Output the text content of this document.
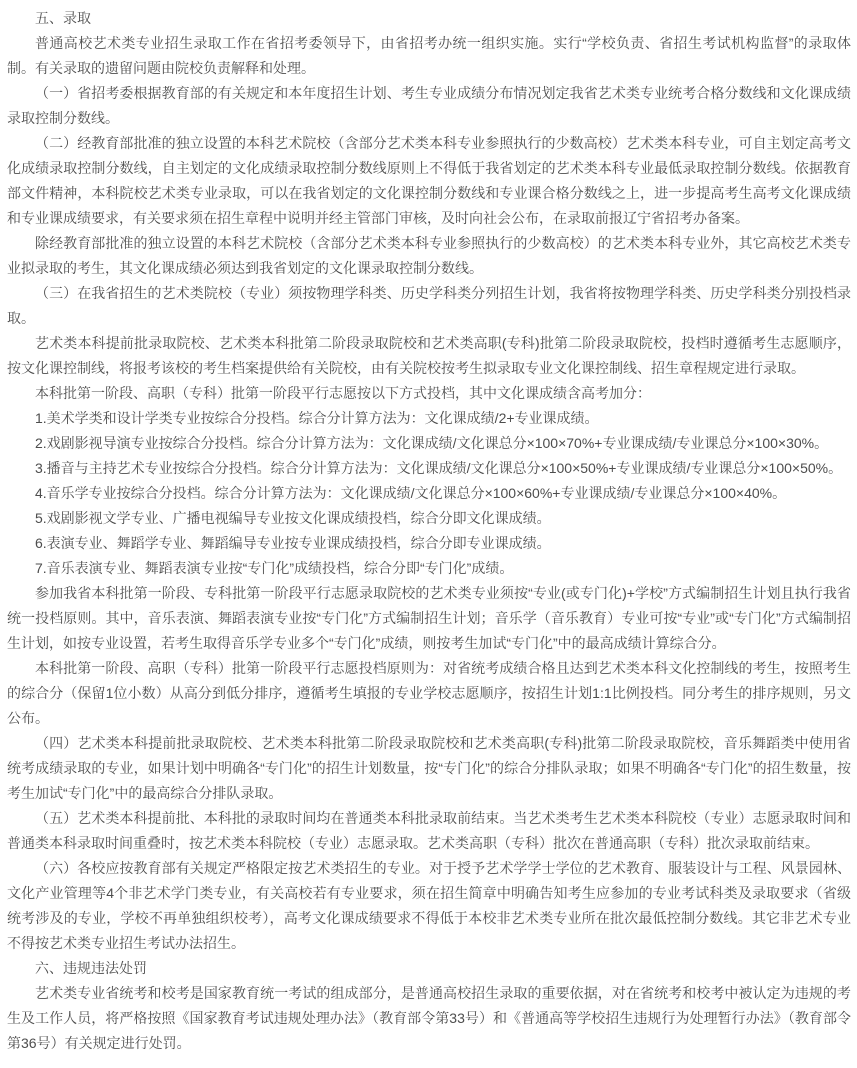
五、录取

普通高校艺术类专业招生录取工作在省招考委领导下，由省招考办统一组织实施。实行“学校负责、省招生考试机构监督”的录取体制。有关录取的遗留问题由院校负责解释和处理。

（一）省招考委根据教育部的有关规定和本年度招生计划、考生专业成绩分布情况划定我省艺术类专业统考合格分数线和文化课成绩录取控制分数线。

（二）经教育部批准的独立设置的本科艺术院校（含部分艺术类本科专业参照执行的少数高校）艺术类本科专业，可自主划定高考文化成绩录取控制分数线，自主划定的文化成绩录取控制分数线原则上不得低于我省划定的艺术类本科专业最低录取控制分数线。依据教育部文件精神，本科院校艺术类专业录取，可以在我省划定的文化课控制分数线和专业课合格分数线之上，进一步提高考生高考文化课成绩和专业课成绩要求，有关要求须在招生章程中说明并经主管部门审核，及时向社会公布，在录取前报辽宁省招考办备案。

除经教育部批准的独立设置的本科艺术院校（含部分艺术类本科专业参照执行的少数高校）的艺术类本科专业外，其它高校艺术类专业拟录取的考生，其文化课成绩必须达到我省划定的文化课录取控制分数线。

（三）在我省招生的艺术类院校（专业）须按物理学科类、历史学科类分列招生计划，我省将按物理学科类、历史学科类分别投档录取。

艺术类本科提前批录取院校、艺术类本科批第二阶段录取院校和艺术类高职(专科)批第二阶段录取院校，投档时遵循考生志愿顺序，按文化课控制线，将报考该校的考生档案提供给有关院校，由有关院校按考生拟录取专业文化课控制线、招生章程规定进行录取。

本科批第一阶段、高职（专科）批第一阶段平行志愿按以下方式投档，其中文化课成绩含高考加分：

1.美术学类和设计学类专业按综合分投档。综合分计算方法为：文化课成绩/2+专业课成绩。

2.戏剧影视导演专业按综合分投档。综合分计算方法为：文化课成绩/文化课总分×100×70%+专业课成绩/专业课总分×100×30%。

3.播音与主持艺术专业按综合分投档。综合分计算方法为：文化课成绩/文化课总分×100×50%+专业课成绩/专业课总分×100×50%。

4.音乐学专业按综合分投档。综合分计算方法为：文化课成绩/文化课总分×100×60%+专业课成绩/专业课总分×100×40%。

5.戏剧影视文学专业、广播电视编导专业按文化课成绩投档，综合分即文化课成绩。

6.表演专业、舞蹈学专业、舞蹈编导专业按专业课成绩投档，综合分即专业课成绩。

7.音乐表演专业、舞蹈表演专业按“专门化”成绩投档，综合分即“专门化”成绩。

参加我省本科批第一阶段、专科批第一阶段平行志愿录取院校的艺术类专业须按“专业(或专门化)+学校”方式编制招生计划且执行我省统一投档原则。其中，音乐表演、舞蹈表演专业按“专门化”方式编制招生计划；音乐学（音乐教育）专业可按“专业”或“专门化”方式编制招生计划，如按专业设置，若考生取得音乐学专业多个“专门化”成绩，则按考生加试“专门化”中的最高成绩计算综合分。

本科批第一阶段、高职（专科）批第一阶段平行志愿投档原则为：对省统考成绩合格且达到艺术类本科文化控制线的考生，按照考生的综合分（保留1位小数）从高分到低分排序，遵循考生填报的专业学校志愿顺序，按招生计划1:1比例投档。同分考生的排序规则，另文公布。

（四）艺术类本科提前批录取院校、艺术类本科批第二阶段录取院校和艺术类高职(专科)批第二阶段录取院校，音乐舞蹈类中使用省统考成绩录取的专业，如果计划中明确各“专门化”的招生计划数量，按“专门化”的综合分排队录取；如果不明确各“专门化”的招生数量，按考生加试“专门化”中的最高综合分排队录取。

（五）艺术类本科提前批、本科批的录取时间均在普通类本科批录取前结束。当艺术类考生艺术类本科院校（专业）志愿录取时间和普通类本科录取时间重叠时，按艺术类本科院校（专业）志愿录取。艺术类高职（专科）批次在普通高职（专科）批次录取前结束。

（六）各校应按教育部有关规定严格限定按艺术类招生的专业。对于授予艺术学学士学位的艺术教育、服装设计与工程、风景园林、文化产业管理等4个非艺术学门类专业，有关高校若有专业要求，须在招生简章中明确告知考生应参加的专业考试科类及录取要求（省级统考涉及的专业，学校不再单独组织校考），高考文化课成绩要求不得低于本校非艺术类专业所在批次最低控制分数线。其它非艺术专业不得按艺术类专业招生考试办法招生。

六、违规违法处罚

艺术类专业省统考和校考是国家教育统一考试的组成部分，是普通高校招生录取的重要依据，对在省统考和校考中被认定为违规的考生及工作人员，将严格按照《国家教育考试违规处理办法》（教育部令第33号）和《普通高等学校招生违规行为处理暂行办法》（教育部令第36号）有关规定进行处罚。
